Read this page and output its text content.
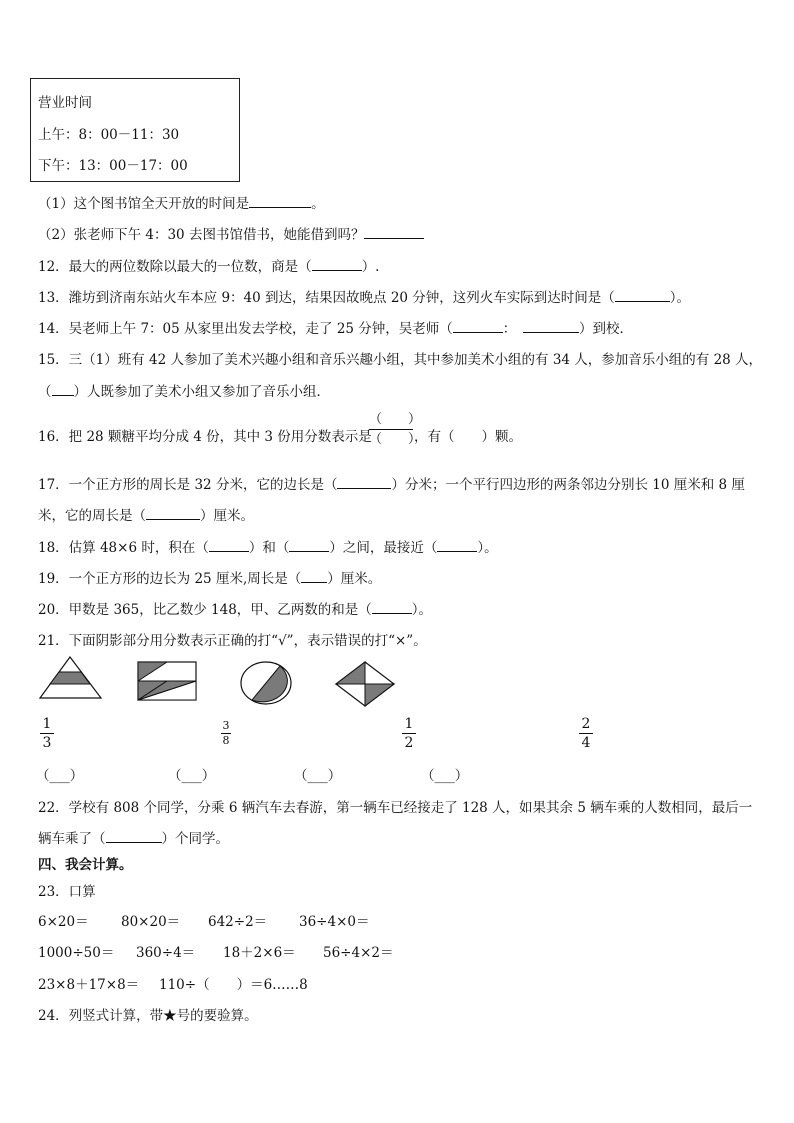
营业时间
上午：8：00－11：30
下午：13：00－17：00
（1）这个图书馆全天开放的时间是	。
（2）张老师下午 4：30 去图书馆借书，她能借到吗？
12．最大的两位数除以最大的一位数，商是（	）.
13．潍坊到济南东站火车本应 9：40 到达，结果因故晚点 20 分钟，这列火车实际到达时间是（	）。
14．吴老师上午 7：05 从家里出发去学校，走了 25 分钟，吴老师（	：　	）到校．
15．三（1）班有 42 人参加了美术兴趣小组和音乐兴趣小组，其中参加美术小组的有 34 人，参加音乐小组的有 28 人，
（ ）人既参加了美术小组又参加了音乐小组．
16．把 28 颗糖平均分成 4 份，其中 3 份用分数表示是
（　　）
（　　）
，有（　　）颗。
17．一个正方形的周长是 32 分米，它的边长是（	）分米；一个平行四边形的两条邻边分别长 10 厘米和 8 厘
米，它的周长是（	）厘米。
18．估算 48×6 时，积在（	）和（	）之间，最接近（	）。
19．一个正方形的边长为 25 厘米,周长是（ ）厘米。
20．甲数是 365，比乙数少 148，甲、乙两数的和是（	）。
21．下面阴影部分用分数表示正确的打“√”，表示错误的打“×”。
1
3
3
8
1
2
2
4
（___）	（___）	（___）	（___）
22．学校有 808 个同学，分乘 6 辆汽车去春游，第一辆车已经接走了 128 人，如果其余 5 辆车乘的人数相同，最后一
辆车乘了（	）个同学。
四、我会计算。
23．口算
6×20＝ 80×20＝ 642÷2＝ 36÷4×0＝
1000÷50＝ 360÷4＝ 18＋2×6＝ 56÷4×2＝
23×8＋17×8＝ 110÷（　　）＝6……8
24．列竖式计算，带★号的要验算。
